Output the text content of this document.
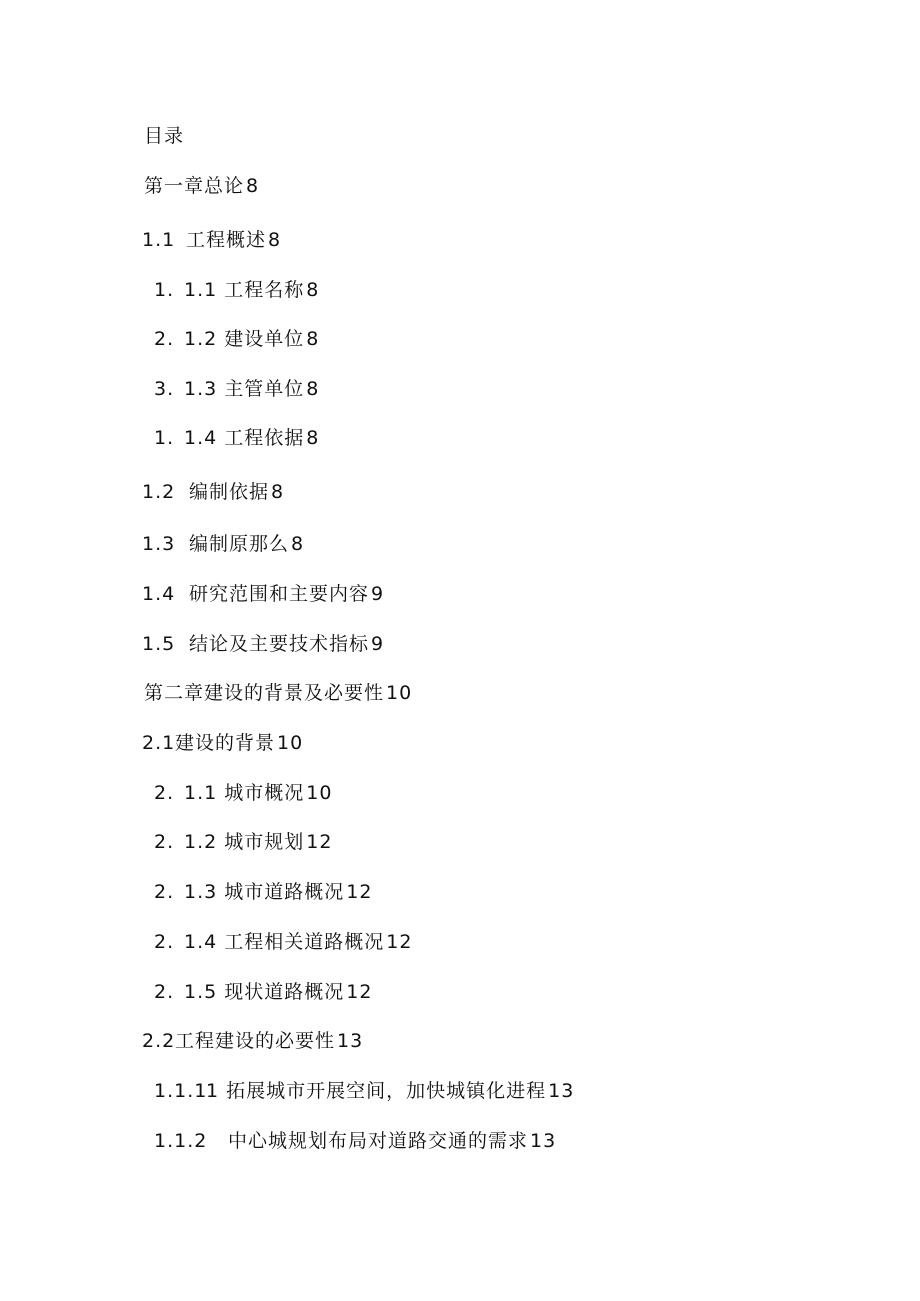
目录
第一章总论 8
1.1 工程概述 8
1. 1.1 工程名称 8
2. 1.2 建设单位 8
3. 1.3 主管单位 8
1. 1.4 工程依据 8
1.2 编制依据 8
1.3 编制原那么 8
1.4 研究范围和主要内容 9
1.5 结论及主要技术指标 9
第二章建设的背景及必要性 10
2.1建设的背景 10
2. 1.1 城市概况 10
2. 1.2 城市规划 12
2. 1.3 城市道路概况 12
2. 1.4 工程相关道路概况 12
2. 1.5 现状道路概况 12
2.2工程建设的必要性 13
1.1.11 拓展城市开展空间，加快城镇化进程 13
1.1.2 中心城规划布局对道路交通的需求 13
